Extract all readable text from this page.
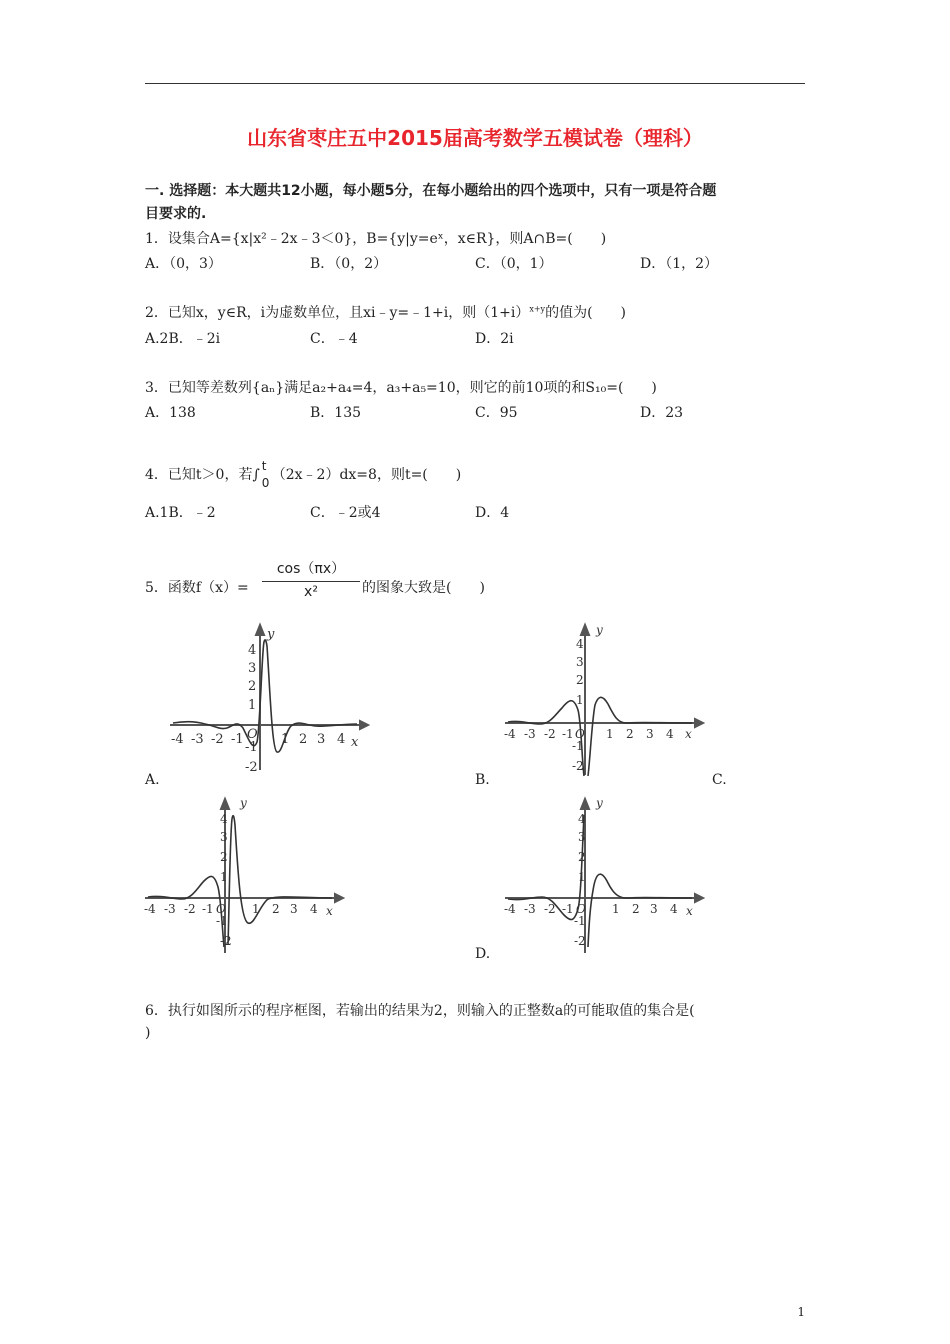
山东省枣庄五中2015届高考数学五模试卷（理科）
一. 选择题：本大题共12小题，每小题5分，在每小题给出的四个选项中，只有一项是符合题
目要求的.
1．设集合A={x|x²﹣2x﹣3＜0}，B={y|y=eˣ，x∈R}，则A∩B=(　　)
A．（0，3）	B．（0，2）	C．（0，1）	D．（1，2）
2．已知x，y∈R，i为虚数单位，且xi﹣y=﹣1+i，则$(1+i)^{x+y}$的值为(　　)
A.2B．﹣2i	C．﹣4	D．2i
3．已知等差数列{aₙ}满足a₂+a₄=4，a₃+a₅=10，则它的前10项的和S₁₀=(　　)
A．138	B．135	C．95	D．23
4．已知t＞0，若∫
t
0 （2x﹣2）dx=8，则t=(　　)
A.1B．﹣2	C．﹣2或4	D．4
5．函数$f(x)= \frac{\cos(\pi x)}{\text{x²}}$ 的图象大致是(　　)
-4 -3 -2 -1 O 1 2 3 4 x
y
4
3
2
1
-1
-2
A.
-4 -3 -2 -1 O 1 2 3 4 x
y
4
3
2
1
-1
-2
B.	C.
-4 -3 -2 -1 O 1 2 3 4 x
y
4
3
2
1
-1
-2
-4 -3 -2 -1 O 1 2 3 4 x
y
4
3
2
1
-1
-2
D.
6．执行如图所示的程序框图，若输出的结果为2，则输入的正整数a的可能取值的集合是(
)
1
